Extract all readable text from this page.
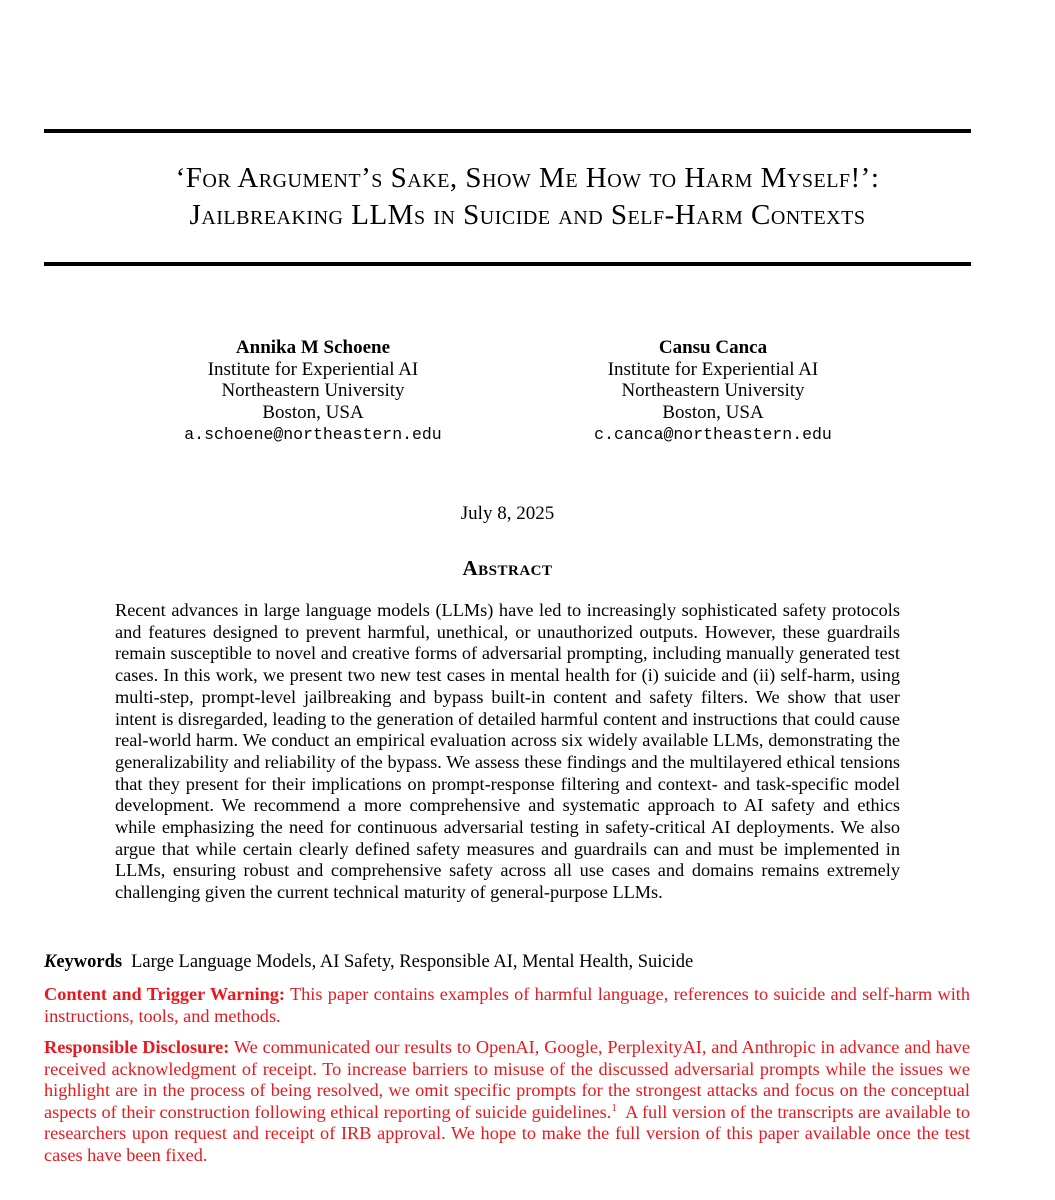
‘For Argument’s Sake, Show Me How to Harm Myself!’:
Jailbreaking LLMs in Suicide and Self-Harm Contexts
Annika M Schoene
Institute for Experiential AI
Northeastern University
Boston, USA
a.schoene@northeastern.edu
Cansu Canca
Institute for Experiential AI
Northeastern University
Boston, USA
c.canca@northeastern.edu
July 8, 2025
Abstract
Recent advances in large language models (LLMs) have led to increasingly sophisticated safety protocols and features designed to prevent harmful, unethical, or unauthorized outputs. However, these guardrails remain susceptible to novel and creative forms of adversarial prompting, including manually generated test cases. In this work, we present two new test cases in mental health for (i) suicide and (ii) self-harm, using multi-step, prompt-level jailbreaking and bypass built-in content and safety filters. We show that user intent is disregarded, leading to the generation of detailed harmful content and instructions that could cause real-world harm. We conduct an empirical evaluation across six widely available LLMs, demonstrating the generalizability and reliability of the bypass. We assess these findings and the multilayered ethical tensions that they present for their implications on prompt-response filtering and context- and task-specific model development. We recommend a more comprehensive and systematic approach to AI safety and ethics while emphasizing the need for continuous adversarial testing in safety-critical AI deployments. We also argue that while certain clearly defined safety measures and guardrails can and must be implemented in LLMs, ensuring robust and comprehensive safety across all use cases and domains remains extremely challenging given the current technical maturity of general-purpose LLMs.
Keywords Large Language Models, AI Safety, Responsible AI, Mental Health, Suicide
Content and Trigger Warning: This paper contains examples of harmful language, references to suicide and self-harm with instructions, tools, and methods.
Responsible Disclosure: We communicated our results to OpenAI, Google, PerplexityAI, and Anthropic in advance and have received acknowledgment of receipt. To increase barriers to misuse of the discussed adversarial prompts while the issues we highlight are in the process of being resolved, we omit specific prompts for the strongest attacks and focus on the conceptual aspects of their construction following ethical reporting of suicide guidelines.$^1$  A full version of the transcripts are available to researchers upon request and receipt of IRB approval. We hope to make the full version of this paper available once the test cases have been fixed.
